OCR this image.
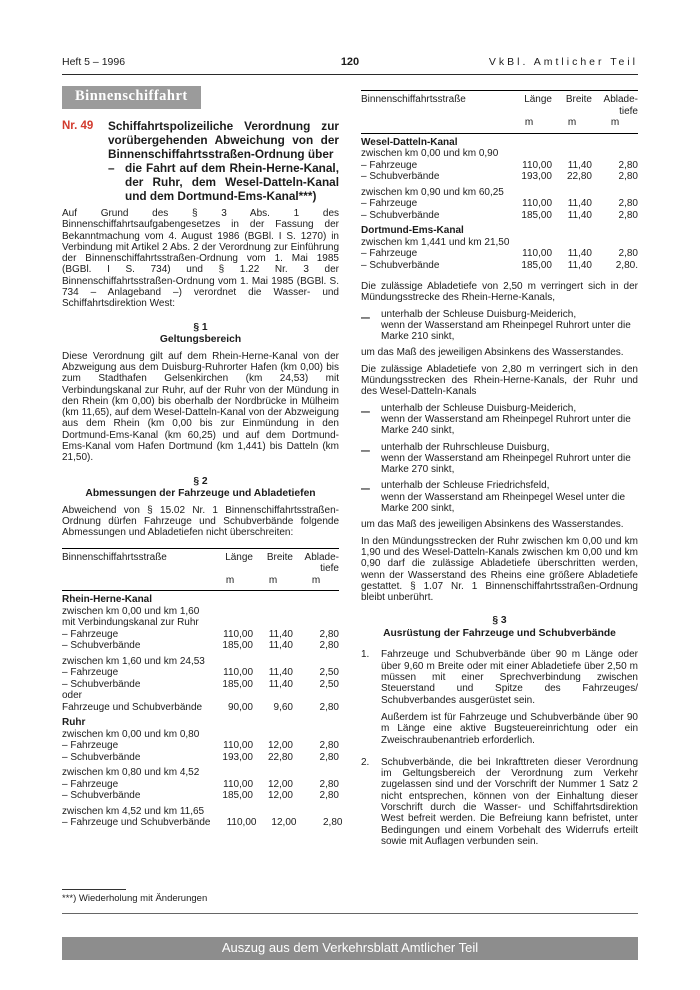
Heft 5 – 1996	120	VkBl. Amtlicher Teil
Binnenschiffahrt
Nr. 49	Schiffahrtspolizeiliche Verordnung zur vorübergehenden Abweichung von der Binnenschiffahrtsstraßen-Ordnung über

– die Fahrt auf dem Rhein-Herne-Kanal, der Ruhr, dem Wesel-Datteln-Kanal und dem Dortmund-Ems-Kanal***)

Auf Grund des § 3 Abs. 1 des Binnenschiffahrtsaufgabengesetzes in der Fassung der Bekanntmachung vom 4. August 1986 (BGBl. I S. 1270) in Verbindung mit Artikel 2 Abs. 2 der Verordnung zur Einführung der Binnenschiffahrtsstraßen-Ordnung vom 1. Mai 1985 (BGBl. I S. 734) und § 1.22 Nr. 3 der Binnenschiffahrtsstraßen-Ordnung vom 1. Mai 1985 (BGBl. S. 734 – Anlageband –) verordnet die Wasser- und Schiffahrtsdirektion West:

§ 1
Geltungsbereich

Diese Verordnung gilt auf dem Rhein-Herne-Kanal von der Abzweigung aus dem Duisburg-Ruhrorter Hafen (km 0,00) bis zum Stadthafen Gelsenkirchen (km 24,53) mit Verbindungskanal zur Ruhr, auf der Ruhr von der Mündung in den Rhein (km 0,00) bis oberhalb der Nordbrücke in Mülheim (km 11,65), auf dem Wesel-Datteln-Kanal von der Abzweigung aus dem Rhein (km 0,00 bis zur Einmündung in den Dortmund-Ems-Kanal (km 60,25) und auf dem Dortmund-Ems-Kanal vom Hafen Dortmund (km 1,441) bis Datteln (km 21,50).

§ 2
Abmessungen der Fahrzeuge und Abladetiefen

Abweichend von § 15.02 Nr. 1 Binnenschiffahrtsstraßen-Ordnung dürfen Fahrzeuge und Schubverbände folgende Abmessungen und Abladetiefen nicht überschreiten:

Binnenschiffahrtsstraße	Länge	Breite	Ablade-
tiefe
m	m	m
Rhein-Herne-Kanal
zwischen km 0,00 und km 1,60
mit Verbindungskanal zur Ruhr
– Fahrzeuge	110,00	11,40	2,80
– Schubverbände	185,00	11,40	2,80
zwischen km 1,60 und km 24,53
– Fahrzeuge	110,00	11,40	2,50
– Schubverbände	185,00	11,40	2,50
oder
Fahrzeuge und Schubverbände	90,00	9,60	2,80
Ruhr
zwischen km 0,00 und km 0,80
– Fahrzeuge	110,00	12,00	2,80
– Schubverbände	193,00	22,80	2,80
zwischen km 0,80 und km 4,52
– Fahrzeuge	110,00	12,00	2,80
– Schubverbände	185,00	12,00	2,80
zwischen km 4,52 und km 11,65
– Fahrzeuge und Schubverbände	110,00	12,00	2,80

***) Wiederholung mit Änderungen

Binnenschiffahrtsstraße	Länge	Breite	Ablade-
tiefe
m	m	m
Wesel-Datteln-Kanal
zwischen km 0,00 und km 0,90
– Fahrzeuge	110,00	11,40	2,80
– Schubverbände	193,00	22,80	2,80
zwischen km 0,90 und km 60,25
– Fahrzeuge	110,00	11,40	2,80
– Schubverbände	185,00	11,40	2,80
Dortmund-Ems-Kanal
zwischen km 1,441 und km 21,50
– Fahrzeuge	110,00	11,40	2,80
– Schubverbände	185,00	11,40	2,80.

Die zulässige Abladetiefe von 2,50 m verringert sich in der Mündungsstrecke des Rhein-Herne-Kanals,

–	unterhalb der Schleuse Duisburg-Meiderich,
wenn der Wasserstand am Rheinpegel Ruhrort unter die Marke 210 sinkt,

um das Maß des jeweiligen Absinkens des Wasserstandes.

Die zulässige Abladetiefe von 2,80 m verringert sich in den Mündungsstrecken des Rhein-Herne-Kanals, der Ruhr und des Wesel-Datteln-Kanals

–	unterhalb der Schleuse Duisburg-Meiderich,
wenn der Wasserstand am Rheinpegel Ruhrort unter die Marke 240 sinkt,
–	unterhalb der Ruhrschleuse Duisburg,
wenn der Wasserstand am Rheinpegel Ruhrort unter die Marke 270 sinkt,
–	unterhalb der Schleuse Friedrichsfeld,
wenn der Wasserstand am Rheinpegel Wesel unter die Marke 200 sinkt,

um das Maß des jeweiligen Absinkens des Wasserstandes.

In den Mündungsstrecken der Ruhr zwischen km 0,00 und km 1,90 und des Wesel-Datteln-Kanals zwischen km 0,00 und km 0,90 darf die zulässige Abladetiefe überschritten werden, wenn der Wasserstand des Rheins eine größere Abladetiefe gestattet. § 1.07 Nr. 1 Binnenschiffahrtsstraßen-Ordnung bleibt unberührt.

§ 3
Ausrüstung der Fahrzeuge und Schubverbände
1.	Fahrzeuge und Schubverbände über 90 m Länge oder über 9,60 m Breite oder mit einer Abladetiefe über 2,50 m müssen mit einer Sprechverbindung zwischen Steuerstand und Spitze des Fahrzeuges/ Schubverbandes ausgerüstet sein.

Außerdem ist für Fahrzeuge und Schubverbände über 90 m Länge eine aktive Bugsteuereinrichtung oder ein Zweischraubenantrieb erforderlich.

2.	Schubverbände, die bei Inkrafttreten dieser Verordnung im Geltungsbereich der Verordnung zum Verkehr zugelassen sind und der Vorschrift der Nummer 1 Satz 2 nicht entsprechen, können von der Einhaltung dieser Vorschrift durch die Wasser- und Schiffahrtsdirektion West befreit werden. Die Befreiung kann befristet, unter Bedingungen und einem Vorbehalt des Widerrufs erteilt sowie mit Auflagen verbunden sein.

Auszug aus dem Verkehrsblatt Amtlicher Teil
